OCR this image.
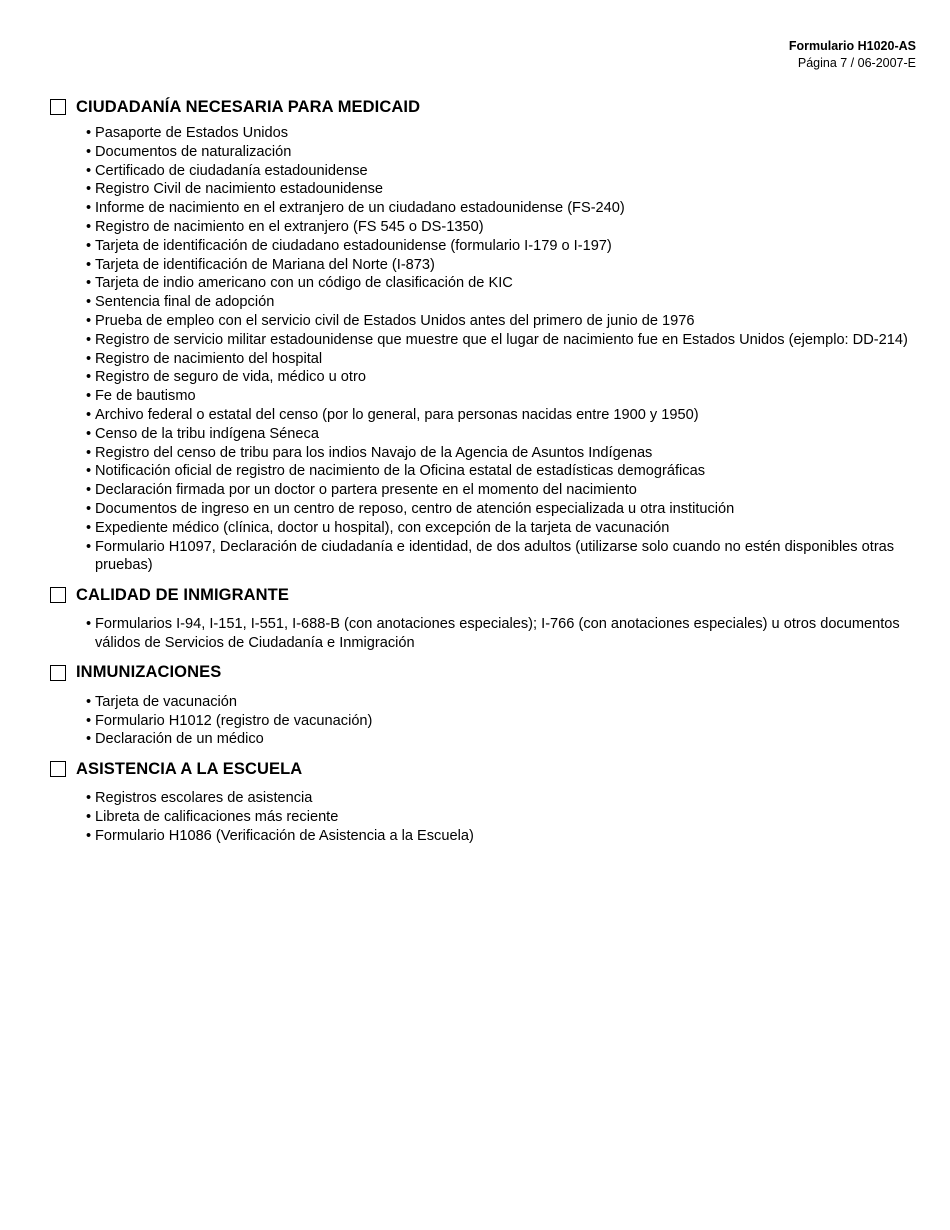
Formulario H1020-AS
Página 7 / 06-2007-E
CIUDADANÍA NECESARIA PARA MEDICAID
• Pasaporte de Estados Unidos
• Documentos de naturalización
• Certificado de ciudadanía estadounidense
• Registro Civil de nacimiento estadounidense
• Informe de nacimiento en el extranjero de un ciudadano estadounidense (FS-240)
• Registro de nacimiento en el extranjero (FS 545 o DS-1350)
• Tarjeta de identificación de ciudadano estadounidense (formulario I-179 o I-197)
• Tarjeta de identificación de Mariana del Norte (I-873)
• Tarjeta de indio americano con un código de clasificación de KIC
• Sentencia final de adopción
• Prueba de empleo con el servicio civil de Estados Unidos antes del primero de junio de 1976
• Registro de servicio militar estadounidense que muestre que el lugar de nacimiento fue en Estados Unidos (ejemplo: DD-214)
• Registro de nacimiento del hospital
• Registro de seguro de vida, médico u otro
• Fe de bautismo
• Archivo federal o estatal del censo (por lo general, para personas nacidas entre 1900 y 1950)
• Censo de la tribu indígena Séneca
• Registro del censo de tribu para los indios Navajo de la Agencia de Asuntos Indígenas
• Notificación oficial de registro de nacimiento de la Oficina estatal de estadísticas demográficas
• Declaración firmada por un doctor o partera presente en el momento del nacimiento
• Documentos de ingreso en un centro de reposo, centro de atención especializada u otra institución
• Expediente médico (clínica, doctor u hospital), con excepción de la tarjeta de vacunación
• Formulario H1097, Declaración de ciudadanía e identidad, de dos adultos (utilizarse solo cuando no estén disponibles otras pruebas)
CALIDAD DE INMIGRANTE
• Formularios I-94, I-151, I-551, I-688-B (con anotaciones especiales); I-766 (con anotaciones especiales) u otros documentos válidos de Servicios de Ciudadanía e Inmigración
INMUNIZACIONES
• Tarjeta de vacunación
• Formulario H1012 (registro de vacunación)
• Declaración de un médico
ASISTENCIA A LA ESCUELA
• Registros escolares de asistencia
• Libreta de calificaciones más reciente
• Formulario H1086 (Verificación de Asistencia a la Escuela)
